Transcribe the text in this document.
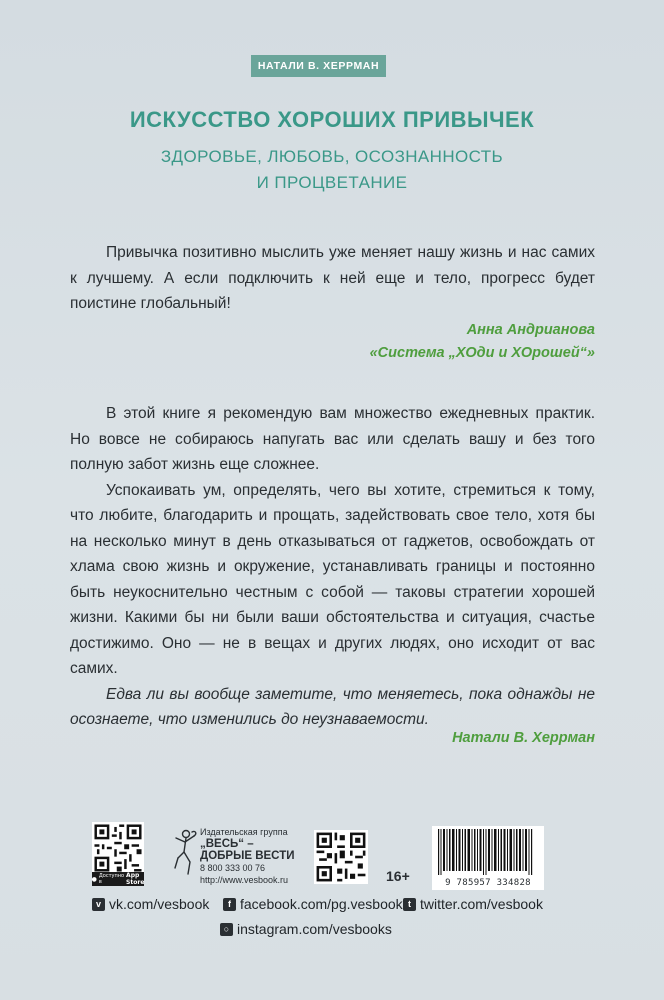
НАТАЛИ В. ХЕРРМАН
ИСКУССТВО ХОРОШИХ ПРИВЫЧЕК
ЗДОРОВЬЕ, ЛЮБОВЬ, ОСОЗНАННОСТЬ
И ПРОЦВЕТАНИЕ

Привычка позитивно мыслить уже меняет нашу жизнь и нас самих к лучшему. А если подключить к ней еще и тело, прогресс будет поистине глобальный!

Анна Андрианова
«Система „ХОди и ХОрошей“»

В этой книге я рекомендую вам множество ежедневных практик. Но вовсе не собираюсь напугать вас или сделать вашу и без того полную забот жизнь еще сложнее.

Успокаивать ум, определять, чего вы хотите, стремиться к тому, что любите, благодарить и прощать, задействовать свое тело, хотя бы на несколько минут в день отказываться от гаджетов, освобождать от хлама свою жизнь и окружение, устанавливать границы и постоянно быть неукоснительно честным с собой — таковы стратегии хорошей жизни. Какими бы ни были ваши обстоятельства и ситуация, счастье достижимо. Оно — не в вещах и других людях, оно исходит от вас самих.

Едва ли вы вообще заметите, что меняетесь, пока однажды не осознаете, что изменились до неузнаваемости.

Натали В. Херрман
● Доступно в
App Store
Издательская группа
„ВЕСЬ“ –
ДОБРЫЕ ВЕСТИ
8 800 333 00 76
http://www.vesbook.ru	16+	9 785957 334828
v vk.com/vesbook	f facebook.com/pg.vesbook t twitter.com/vesbook
○ instagram.com/vesbooks
